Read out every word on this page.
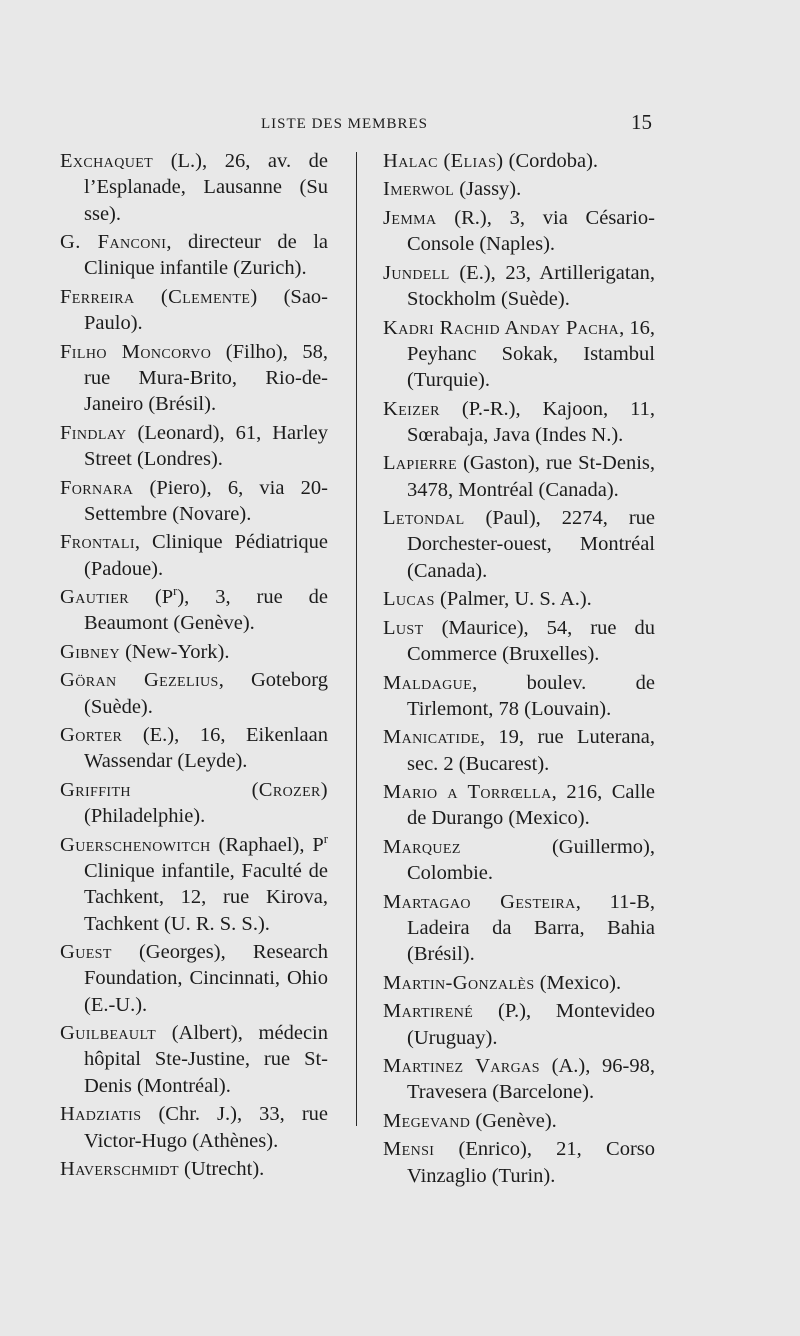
LISTE DES MEMBRES	15
Exchaquet (L.), 26, av. de l’Esplanade, Lausanne (Su sse).
G. Fanconi, directeur de la Clinique infantile (Zurich).
Ferreira (Clemente) (Sao-Paulo).
Filho Moncorvo (Filho), 58, rue Mura-Brito, Rio-de-Janeiro (Brésil).
Findlay (Leonard), 61, Harley Street (Londres).
Fornara (Piero), 6, via 20-Settembre (Novare).
Frontali, Clinique Pédiatrique (Padoue).
Gautier $(P^r)$, 3, rue de Beaumont (Genève).
Gibney (New-York).
Göran Gezelius, Goteborg (Suède).
Gorter (E.), 16, Eikenlaan Wassendar (Leyde).
Griffith (Crozer) (Philadelphie).
Guerschenowitch (Raphael), $P^r$ Clinique infantile, Faculté de Tachkent, 12, rue Kirova, Tachkent (U. R. S. S.).
Guest (Georges), Research Foundation, Cincinnati, Ohio (E.-U.).
Guilbeault (Albert), médecin hôpital Ste-Justine, rue St-Denis (Montréal).
Hadziatis (Chr. J.), 33, rue Victor-Hugo (Athènes).
Haverschmidt (Utrecht).
Halac (Elias) (Cordoba).
Imerwol (Jassy).
Jemma (R.), 3, via Césario-Console (Naples).
Jundell (E.), 23, Artillerigatan, Stockholm (Suède).
Kadri Rachid Anday Pacha, 16, Peyhanc Sokak, Istambul (Turquie).
Keizer (P.-R.), Kajoon, 11, Sœrabaja, Java (Indes N.).
Lapierre (Gaston), rue St-Denis, 3478, Montréal (Canada).
Letondal (Paul), 2274, rue Dorchester-ouest, Montréal (Canada).
Lucas (Palmer, U. S. A.).
Lust (Maurice), 54, rue du Commerce (Bruxelles).
Maldague, boulev. de Tirlemont, 78 (Louvain).
Manicatide, 19, rue Luterana, sec. 2 (Bucarest).
Mario a Torrœlla, 216, Calle de Durango (Mexico).
Marquez (Guillermo), Colombie.
Martagao Gesteira, 11-B, Ladeira da Barra, Bahia (Brésil).
Martin-Gonzalès (Mexico).
Martirené (P.), Montevideo (Uruguay).
Martinez Vargas (A.), 96-98, Travesera (Barcelone).
Megevand (Genève).
Mensi (Enrico), 21, Corso Vinzaglio (Turin).
